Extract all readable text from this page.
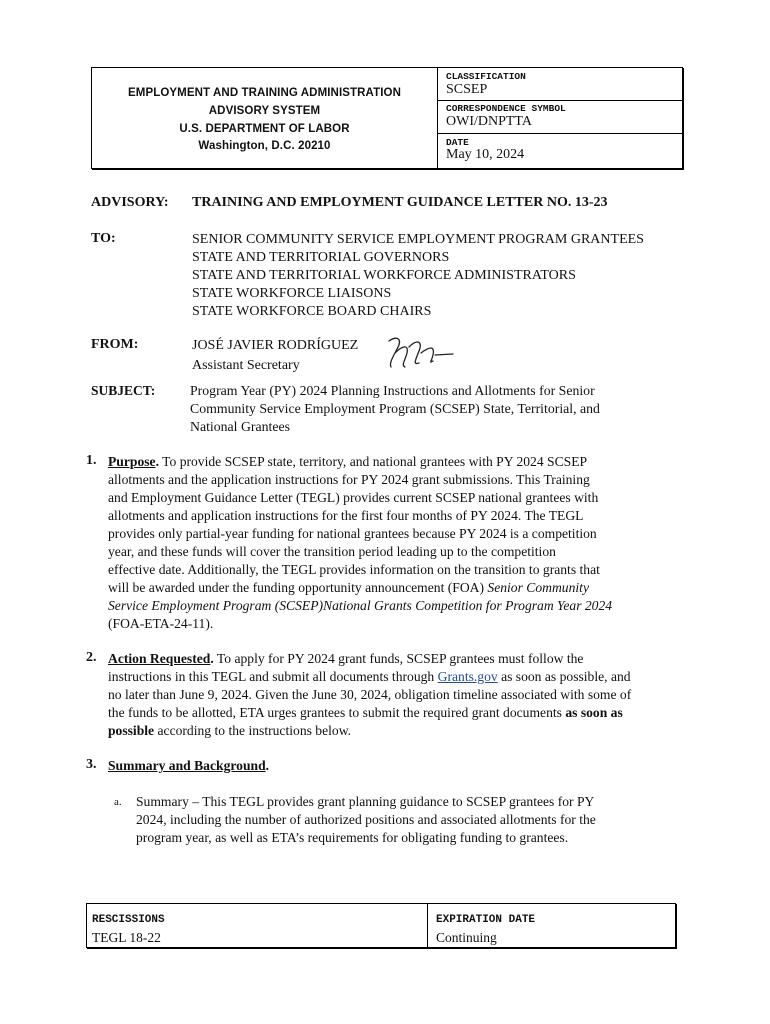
EMPLOYMENT AND TRAINING ADMINISTRATION
ADVISORY SYSTEM
U.S. DEPARTMENT OF LABOR
Washington, D.C. 20210
CLASSIFICATION
SCSEP
CORRESPONDENCE SYMBOL
OWI/DNPTTA
DATE
May 10, 2024
ADVISORY: TRAINING AND EMPLOYMENT GUIDANCE LETTER NO. 13-23
TO:	SENIOR COMMUNITY SERVICE EMPLOYMENT PROGRAM GRANTEES
STATE AND TERRITORIAL GOVERNORS
STATE AND TERRITORIAL WORKFORCE ADMINISTRATORS
STATE WORKFORCE LIAISONS
STATE WORKFORCE BOARD CHAIRS
FROM:	JOSÉ JAVIER RODRÍGUEZ
Assistant Secretary
SUBJECT:	Program Year (PY) 2024 Planning Instructions and Allotments for Senior
Community Service Employment Program (SCSEP) State, Territorial, and
National Grantees
1. Purpose. To provide SCSEP state, territory, and national grantees with PY 2024 SCSEP
allotments and the application instructions for PY 2024 grant submissions. This Training
and Employment Guidance Letter (TEGL) provides current SCSEP national grantees with
allotments and application instructions for the first four months of PY 2024. The TEGL
provides only partial-year funding for national grantees because PY 2024 is a competition
year, and these funds will cover the transition period leading up to the competition
effective date. Additionally, the TEGL provides information on the transition to grants that
will be awarded under the funding opportunity announcement (FOA) Senior Community
Service Employment Program (SCSEP)National Grants Competition for Program Year 2024
(FOA-ETA-24-11).
2. Action Requested. To apply for PY 2024 grant funds, SCSEP grantees must follow the
instructions in this TEGL and submit all documents through Grants.gov as soon as possible, and
no later than June 9, 2024. Given the June 30, 2024, obligation timeline associated with some of
the funds to be allotted, ETA urges grantees to submit the required grant documents as soon as
possible according to the instructions below.
3. Summary and Background.
a. Summary – This TEGL provides grant planning guidance to SCSEP grantees for PY
2024, including the number of authorized positions and associated allotments for the
program year, as well as ETA’s requirements for obligating funding to grantees.
RESCISSIONS
TEGL 18-22
EXPIRATION DATE
Continuing
